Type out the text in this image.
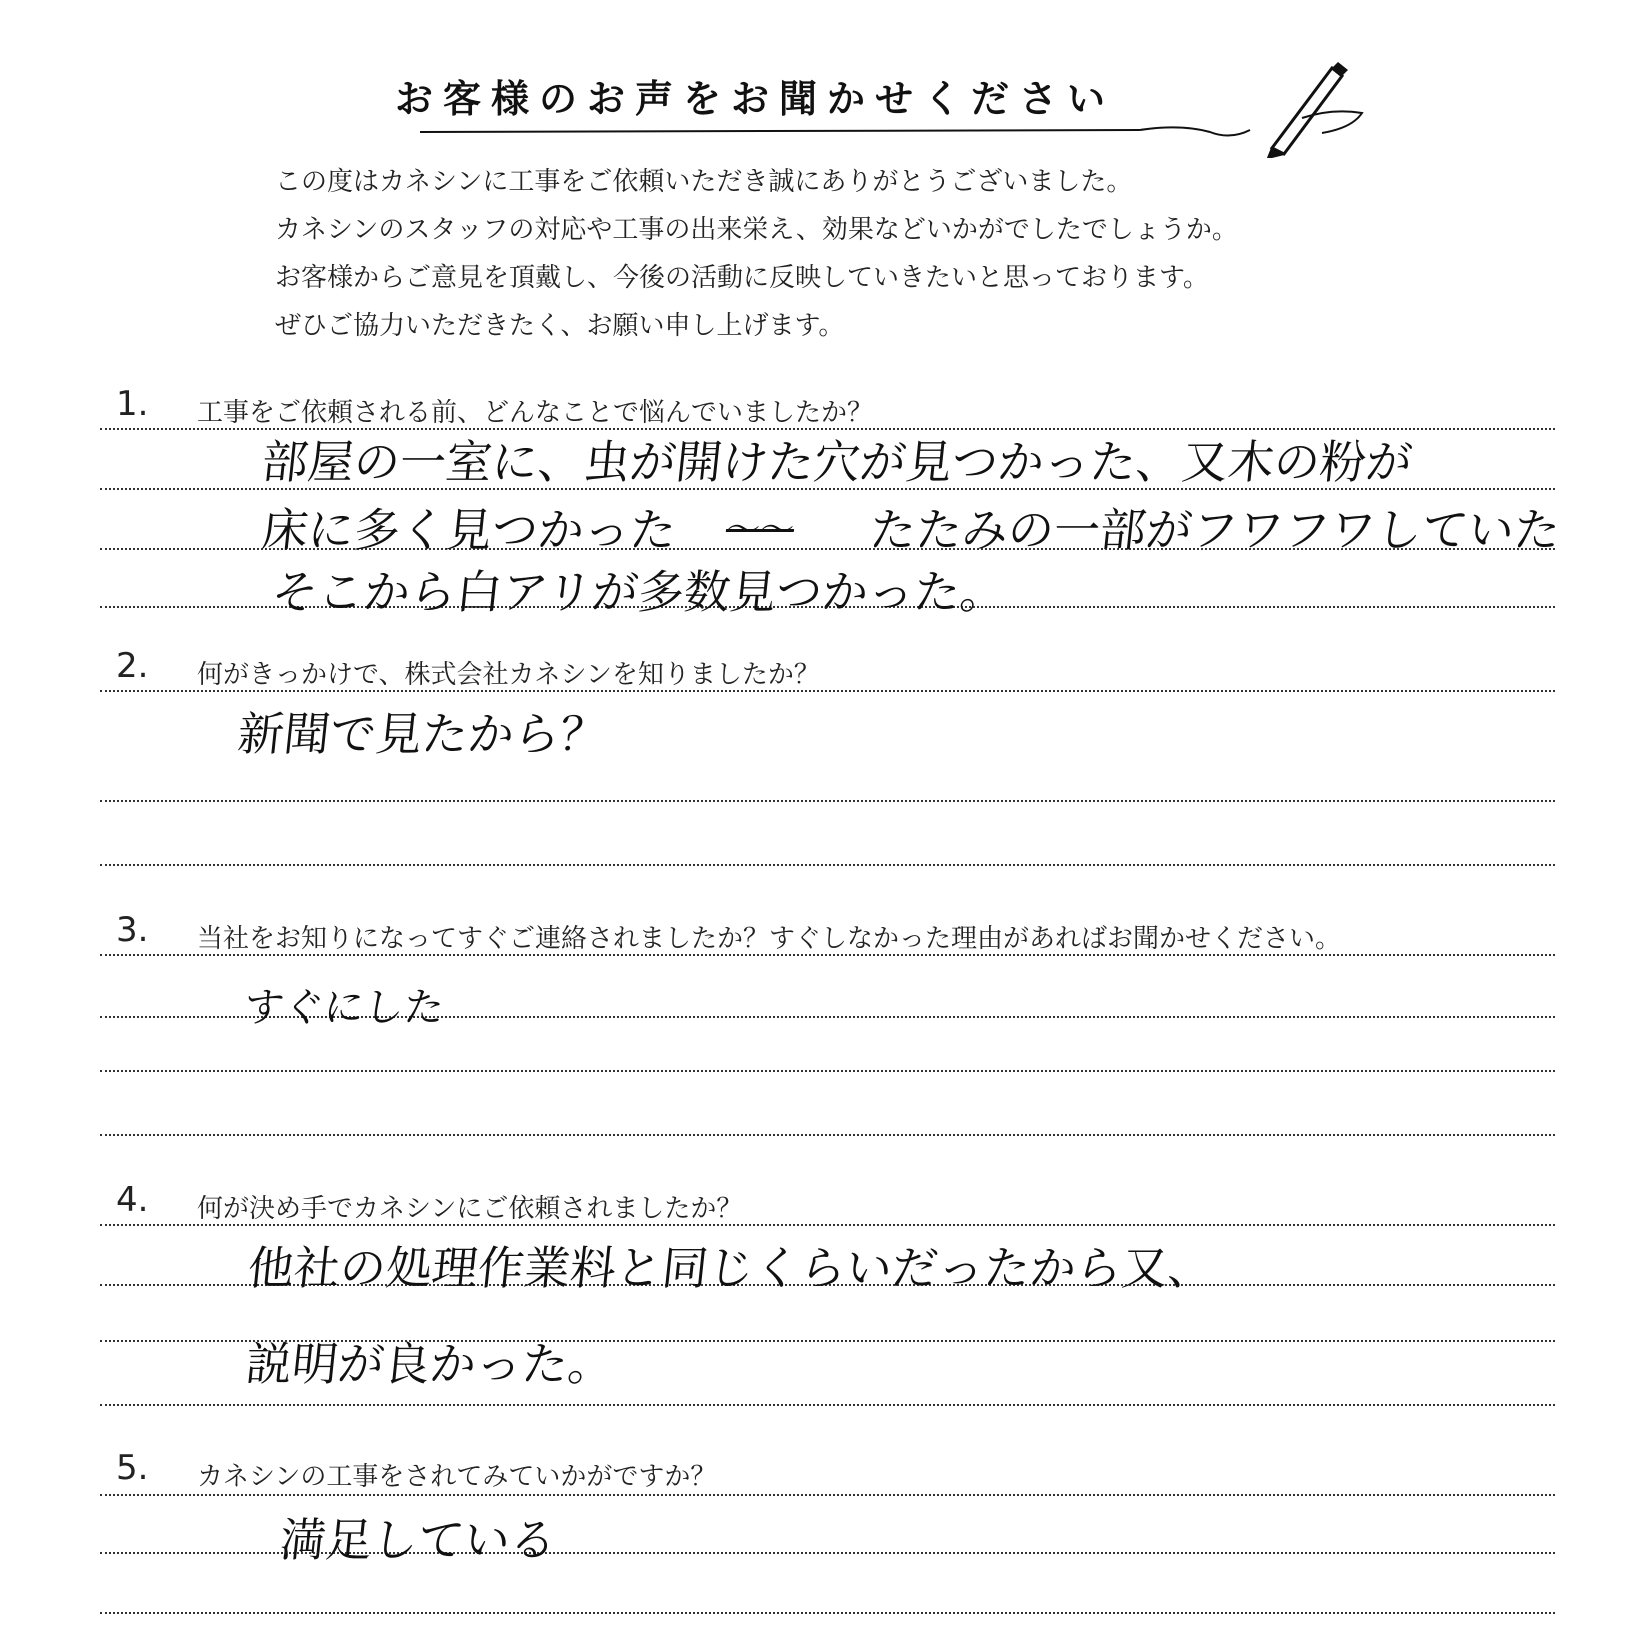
お客様のお声をお聞かせください
この度はカネシンに工事をご依頼いただき誠にありがとうございました。
カネシンのスタッフの対応や工事の出来栄え、効果などいかがでしたでしょうか。
お客様からご意見を頂戴し、今後の活動に反映していきたいと思っております。
ぜひご協力いただきたく、お願い申し上げます。
1. 工事をご依頼される前、どんなことで悩んでいましたか？
部屋の一室に、虫が開けた穴が見つかった、又木の粉が
床に多く見つかった 〜〜 たたみの一部がフワフワしていた
そこから白アリが多数見つかった。
2. 何がきっかけで、株式会社カネシンを知りましたか？
新聞で見たから？
3. 当社をお知りになってすぐご連絡されましたか？すぐしなかった理由があればお聞かせください。
すぐにした
4. 何が決め手でカネシンにご依頼されましたか？
他社の処理作業料と同じくらいだったから又、
説明が良かった。
5. カネシンの工事をされてみていかがですか？
満足している
